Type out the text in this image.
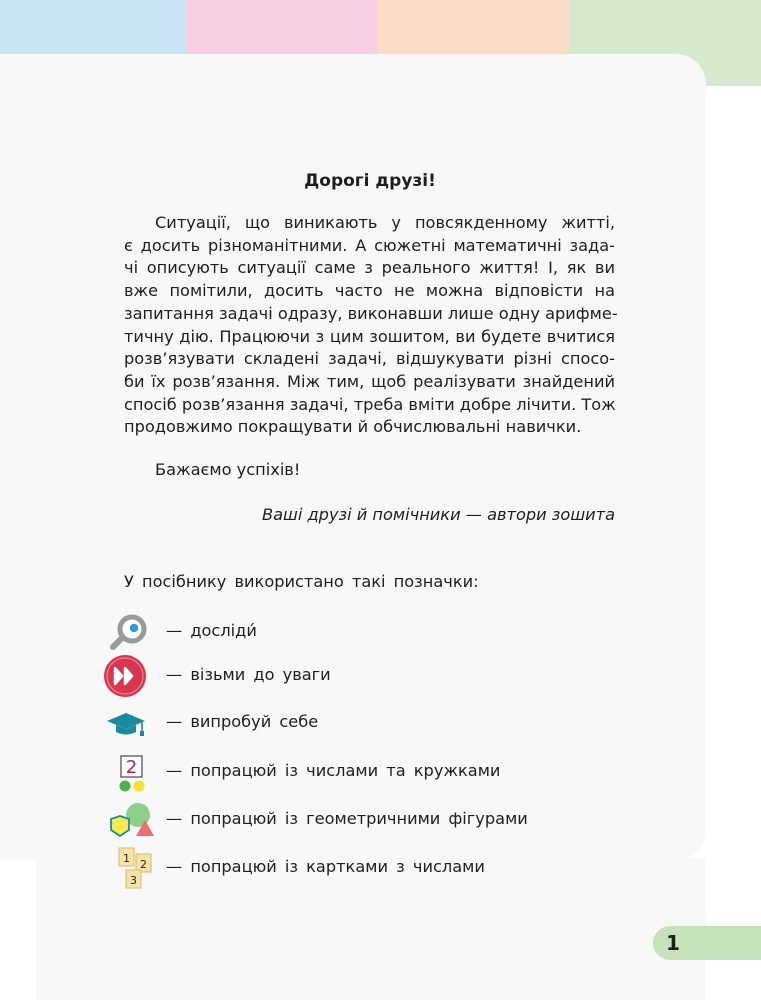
Дорогі друзі!
Ситуації, що виникають у повсякденному житті,
є досить різноманітними. А сюжетні математичні зада-
чі описують ситуації саме з реального життя! І, як ви
вже помітили, досить часто не можна відповісти на
запитання задачі одразу, виконавши лише одну арифме-
тичну дію. Працюючи з цим зошитом, ви будете вчитися
розв’язувати складені задачі, відшукувати різні спосо-
би їх розв’язання. Між тим, щоб реалізувати знайдений
спосіб розв’язання задачі, треба вміти добре лічити. Тож
продовжимо покращувати й обчислювальні навички.
Бажаємо успіхів!
Ваші друзі й помічники — автори зошита
У посібнику використано такі позначки:
— досліди́
— візьми до уваги
— випробуй себе
2 — попрацюй із числами та кружками
— попрацюй із геометричними фігурами
1 2
3
— попрацюй із картками з числами
1
